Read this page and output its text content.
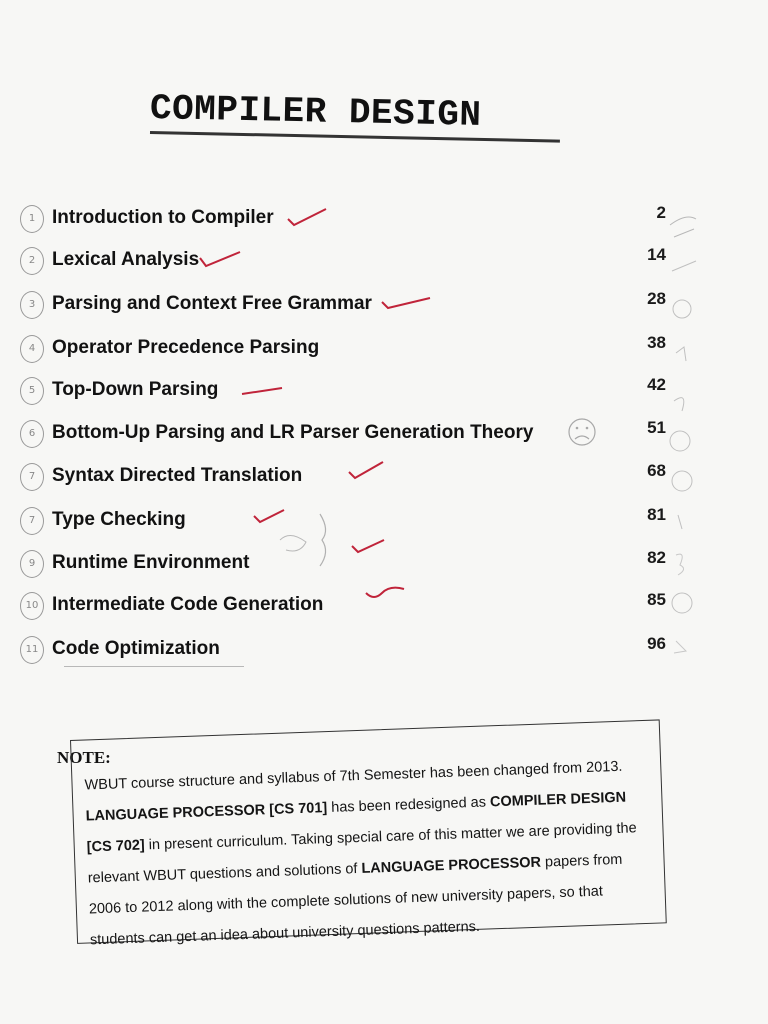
COMPILER DESIGN
1 Introduction to Compiler	2
2 Lexical Analysis	14
3 Parsing and Context Free Grammar	28
4 Operator Precedence Parsing	38
5 Top-Down Parsing	42
6 Bottom-Up Parsing and LR Parser Generation Theory	51
7 Syntax Directed Translation	68
7 Type Checking	81
9 Runtime Environment	82
10 Intermediate Code Generation	85
11 Code Optimization	96
NOTE:

WBUT course structure and syllabus of 7th Semester has been changed from 2013. LANGUAGE PROCESSOR [CS 701] has been redesigned as COMPILER DESIGN [CS 702] in present curriculum. Taking special care of this matter we are providing the relevant WBUT questions and solutions of LANGUAGE PROCESSOR papers from 2006 to 2012 along with the complete solutions of new university papers, so that students can get an idea about university questions patterns.
